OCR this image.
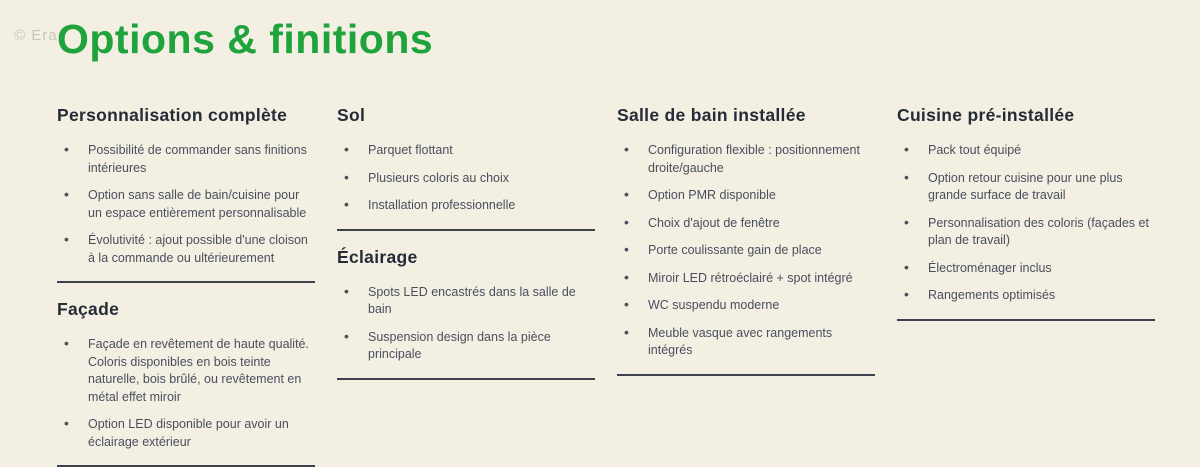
© Era Options & finitions
Personnalisation complète
• Possibilité de commander sans finitions intérieures
• Option sans salle de bain/cuisine pour un espace entièrement personnalisable
• Évolutivité : ajout possible d'une cloison à la commande ou ultérieurement
Façade
• Façade en revêtement de haute qualité. Coloris disponibles en bois teinte naturelle, bois brûlé, ou revêtement en métal effet miroir
• Option LED disponible pour avoir un éclairage extérieur
Sol
• Parquet flottant
• Plusieurs coloris au choix
• Installation professionnelle
Éclairage
• Spots LED encastrés dans la salle de bain
• Suspension design dans la pièce principale
Salle de bain installée
• Configuration flexible : positionnement droite/gauche
• Option PMR disponible
• Choix d'ajout de fenêtre
• Porte coulissante gain de place
• Miroir LED rétroéclairé + spot intégré
• WC suspendu moderne
• Meuble vasque avec rangements intégrés
Cuisine pré-installée
• Pack tout équipé
• Option retour cuisine pour une plus grande surface de travail
• Personnalisation des coloris (façades et plan de travail)
• Électroménager inclus
• Rangements optimisés
